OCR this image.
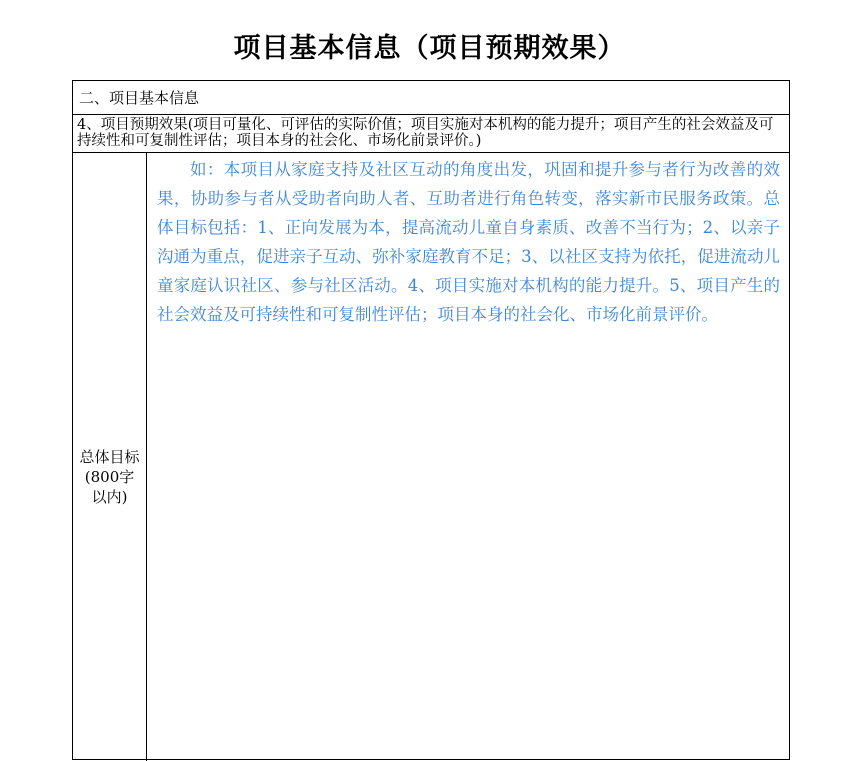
项目基本信息（项目预期效果）
二、项目基本信息
4、项目预期效果(项目可量化、可评估的实际价值；项目实施对本机构的能力提升；项目产生的社会效益及可持续性和可复制性评估；项目本身的社会化、市场化前景评价。)
总体目标(800字以内)

如：本项目从家庭支持及社区互动的角度出发，巩固和提升参与者行为改善的效果，协助参与者从受助者向助人者、互助者进行角色转变，落实新市民服务政策。总体目标包括：1、正向发展为本，提高流动儿童自身素质、改善不当行为；2、以亲子沟通为重点，促进亲子互动、弥补家庭教育不足；3、以社区支持为依托，促进流动儿童家庭认识社区、参与社区活动。4、项目实施对本机构的能力提升。5、项目产生的社会效益及可持续性和可复制性评估；项目本身的社会化、市场化前景评价。
